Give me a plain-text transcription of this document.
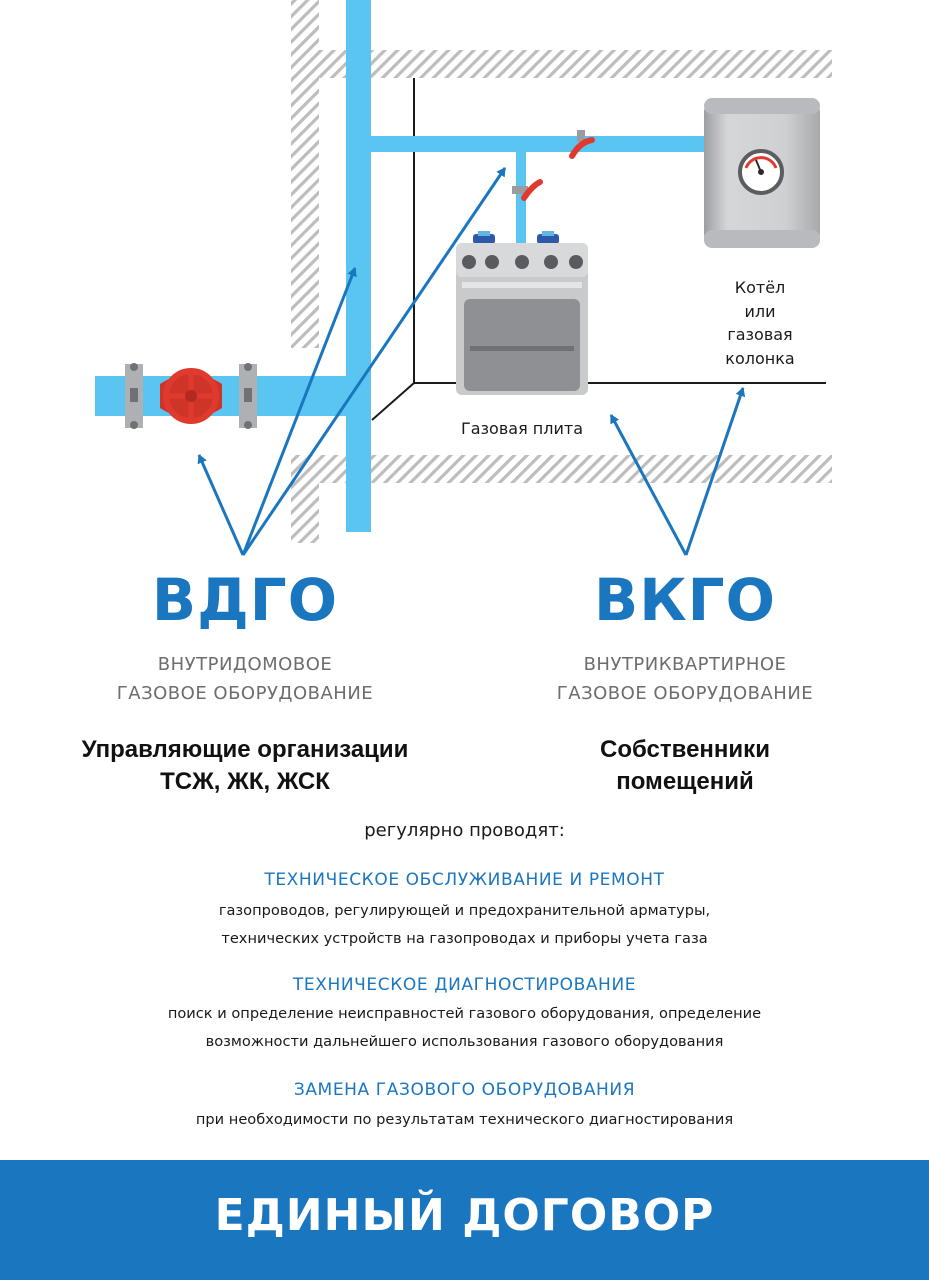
Газовая плита
Котёл
или
газовая
колонка
ВДГО
ВНУТРИДОМОВОЕ
ГАЗОВОЕ ОБОРУДОВАНИЕ
Управляющие организации
ТСЖ, ЖК, ЖСК
ВКГО
ВНУТРИКВАРТИРНОЕ
ГАЗОВОЕ ОБОРУДОВАНИЕ
Собственники
помещений
регулярно проводят:
ТЕХНИЧЕСКОЕ ОБСЛУЖИВАНИЕ И РЕМОНТ
газопроводов, регулирующей и предохранительной арматуры,
технических устройств на газопроводах и приборы учета газа
ТЕХНИЧЕСКОЕ ДИАГНОСТИРОВАНИЕ
поиск и определение неисправностей газового оборудования, определение
возможности дальнейшего использования газового оборудования
ЗАМЕНА ГАЗОВОГО ОБОРУДОВАНИЯ
при необходимости по результатам технического диагностирования
ЕДИНЫЙ ДОГОВОР
